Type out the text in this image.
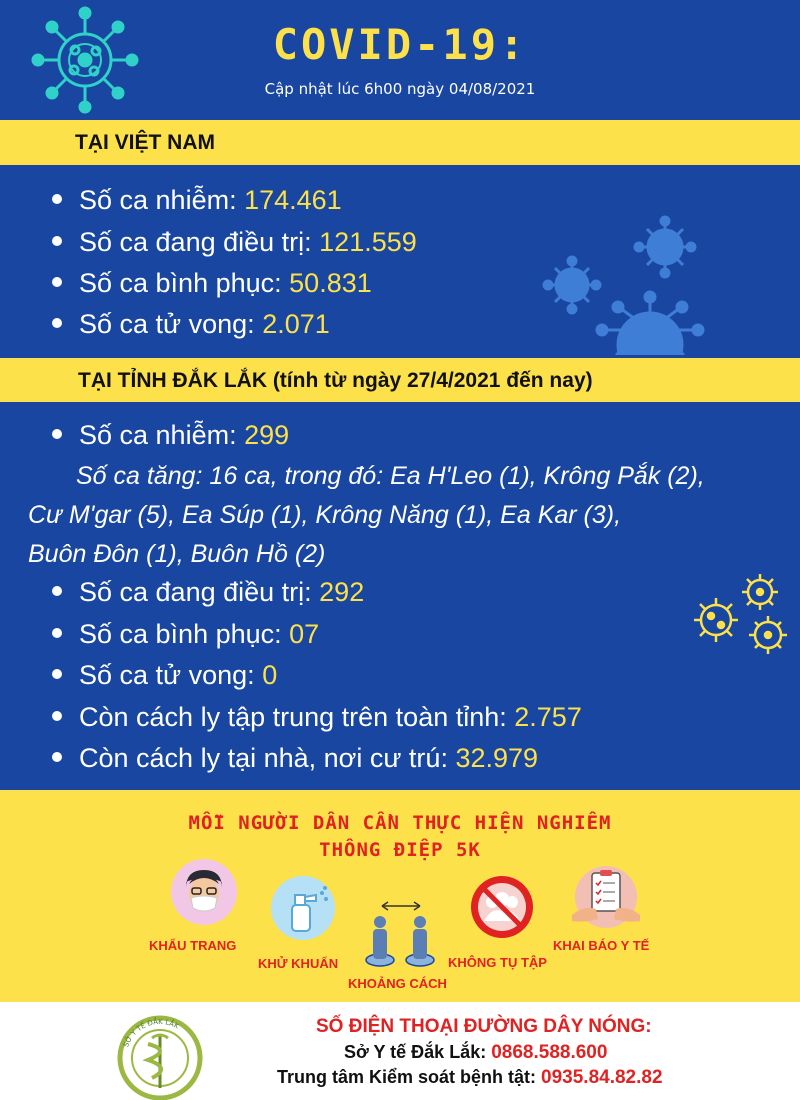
COVID-19:
Cập nhật lúc 6h00 ngày 04/08/2021
TẠI VIỆT NAM
Số ca nhiễm: 174.461
Số ca đang điều trị: 121.559
Số ca bình phục: 50.831
Số ca tử vong: 2.071
TẠI TỈNH ĐẮK LẮK (tính từ ngày 27/4/2021 đến nay)
Số ca nhiễm: 299
Số ca tăng: 16 ca, trong đó: Ea H'Leo (1), Krông Pắk (2),
Cư M'gar (5), Ea Súp (1), Krông Năng (1), Ea Kar (3),
Buôn Đôn (1), Buôn Hồ (2)
Số ca đang điều trị: 292
Số ca bình phục: 07
Số ca tử vong: 0
Còn cách ly tập trung trên toàn tỉnh: 2.757
Còn cách ly tại nhà, nơi cư trú: 32.979
MỖI NGƯỜI DÂN CẦN THỰC HIỆN NGHIÊM
THÔNG ĐIỆP 5K
KHẨU TRANG
KHỬ KHUẨN
KHOẢNG CÁCH
KHÔNG TỤ TẬP
KHAI BÁO Y TẾ
SỞ Y TẾ ĐẮK LẮK	SỐ ĐIỆN THOẠI ĐƯỜNG DÂY NÓNG:
Sở Y tế Đắk Lắk: 0868.588.600
Trung tâm Kiểm soát bệnh tật: 0935.84.82.82
